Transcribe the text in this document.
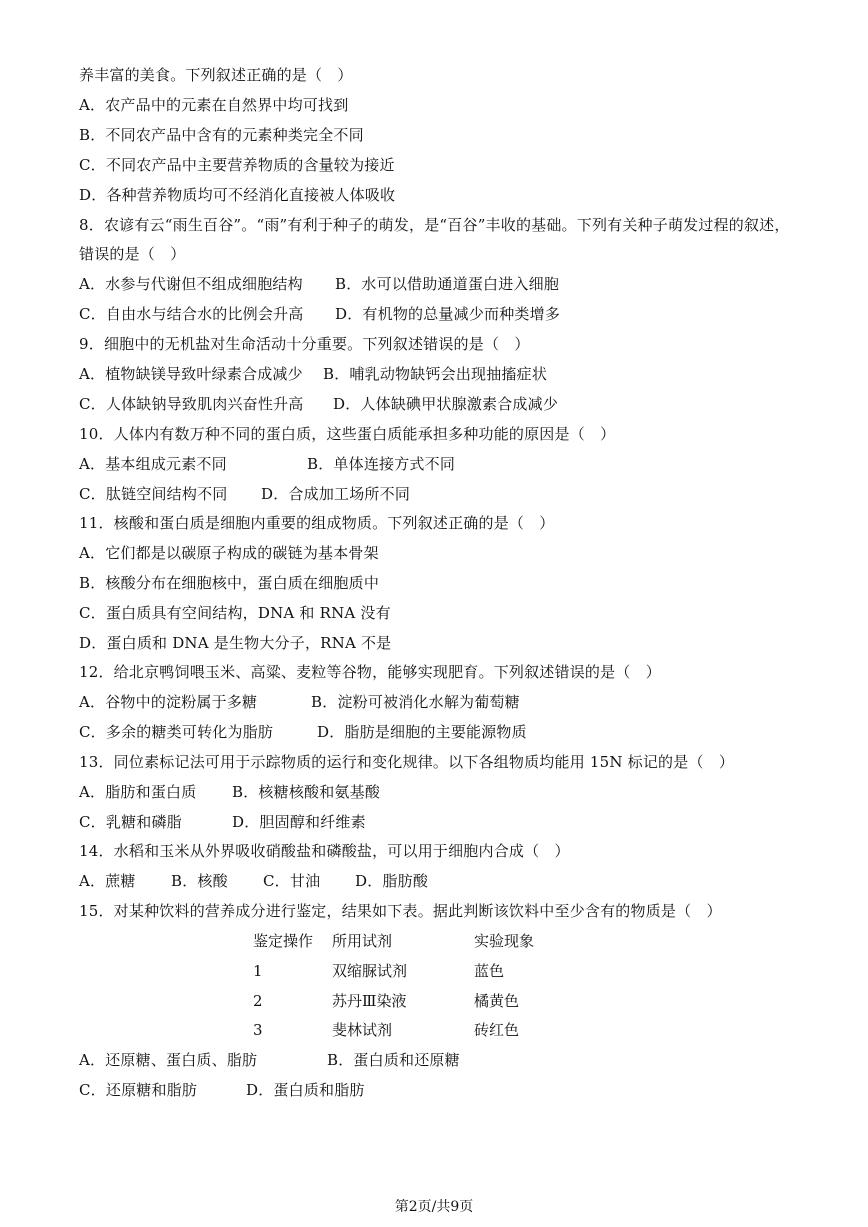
养丰富的美食。下列叙述正确的是（　）
A．农产品中的元素在自然界中均可找到
B．不同农产品中含有的元素种类完全不同
C．不同农产品中主要营养物质的含量较为接近
D．各种营养物质均可不经消化直接被人体吸收
8．农谚有云“雨生百谷”。“雨”有利于种子的萌发，是“百谷”丰收的基础。下列有关种子萌发过程的叙述，
错误的是（　）
A．水参与代谢但不组成细胞结构 B．水可以借助通道蛋白进入细胞
C．自由水与结合水的比例会升高 D．有机物的总量减少而种类增多
9．细胞中的无机盐对生命活动十分重要。下列叙述错误的是（　）
A．植物缺镁导致叶绿素合成减少 B．哺乳动物缺钙会出现抽搐症状
C．人体缺钠导致肌肉兴奋性升高 D．人体缺碘甲状腺激素合成减少
10．人体内有数万种不同的蛋白质，这些蛋白质能承担多种功能的原因是（　）
A．基本组成元素不同	B．单体连接方式不同
C．肽链空间结构不同 D．合成加工场所不同
11．核酸和蛋白质是细胞内重要的组成物质。下列叙述正确的是（　）
A．它们都是以碳原子构成的碳链为基本骨架
B．核酸分布在细胞核中，蛋白质在细胞质中
C．蛋白质具有空间结构，DNA 和 RNA 没有
D．蛋白质和 DNA 是生物大分子，RNA 不是
12．给北京鸭饲喂玉米、高粱、麦粒等谷物，能够实现肥育。下列叙述错误的是（　）
A．谷物中的淀粉属于多糖	B．淀粉可被消化水解为葡萄糖
C．多余的糖类可转化为脂肪	D．脂肪是细胞的主要能源物质
13．同位素标记法可用于示踪物质的运行和变化规律。以下各组物质均能用 15N 标记的是（　）
A．脂肪和蛋白质 B．核糖核酸和氨基酸
C．乳糖和磷脂	D．胆固醇和纤维素
14．水稻和玉米从外界吸收硝酸盐和磷酸盐，可以用于细胞内合成（　）
A．蔗糖 B．核酸 C．甘油 D．脂肪酸
15．对某种饮料的营养成分进行鉴定，结果如下表。据此判断该饮料中至少含有的物质是（　）
鉴定操作 所用试剂	实验现象
1	双缩脲试剂	蓝色
2	苏丹Ⅲ染液	橘黄色
3	斐林试剂	砖红色
A．还原糖、蛋白质、脂肪	B．蛋白质和还原糖
C．还原糖和脂肪	D．蛋白质和脂肪
第2页/共9页
